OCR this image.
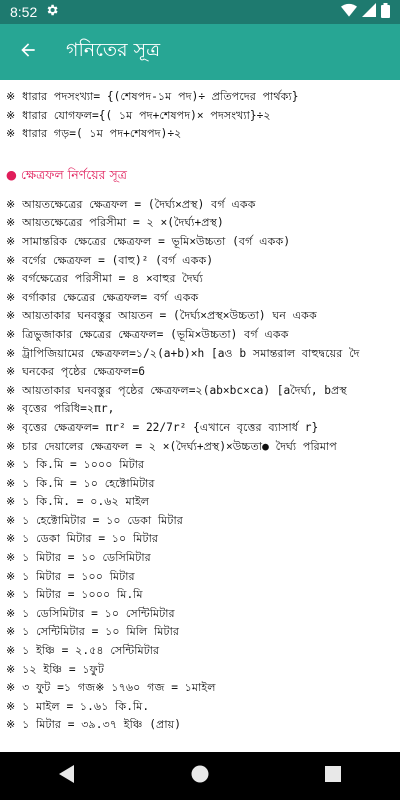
8:52
গনিতের সূত্র
※ ধারার পদসংখ্যা= {(শেষপদ-১ম পদ)÷ প্রতিপদের পার্থক্য}
※ ধারার যোগফল={( ১ম পদ+শেষপদ)× পদসংখ্যা}÷২
※ ধারার গড়=( ১ম পদ+শেষপদ)÷২
● ক্ষেত্রফল নির্ণয়ের সূত্র
※ আয়তক্ষেত্রের ক্ষেত্রফল = (দৈর্ঘ্য×প্রস্থ) বর্গ একক
※ আয়তক্ষেত্রের পরিসীমা = ২ ×(দৈর্ঘ্য+প্রস্থ)
※ সামান্তরিক ক্ষেত্রের ক্ষেত্রফল = ভূমি×উচ্চতা (বর্গ একক)
※ বর্গের ক্ষেত্রফল = (বাহু)² (বর্গ একক)
※ বর্গক্ষেত্রের পরিসীমা = ৪ ×বাহুর দৈর্ঘ্য
※ বর্গাকার ক্ষেত্রের ক্ষেত্রফল= বর্গ একক
※ আয়তাকার ঘনবস্তুর আয়তন = (দৈর্ঘ্য×প্রস্থ×উচ্চতা) ঘন একক
※ ত্রিভুজাকার ক্ষেত্রের ক্ষেত্রফল= (ভূমি×উচ্চতা) বর্গ একক
※ ট্রাপিজিয়ামের ক্ষেত্রফল=১/২(a+b)×h [aও b সমান্তরাল বাহুদ্বয়ের দৈ
※ ঘনকের পৃষ্ঠের ক্ষেত্রফল=6
※ আয়তাকার ঘনবস্তুর পৃষ্ঠের ক্ষেত্রফল=২(ab×bc×ca) [aদৈর্ঘ্য, bপ্রস্থ
※ বৃত্তের পরিধি=২πr,
※ বৃত্তের ক্ষেত্রফল= πr² = 22/7r² {এখানে বৃত্তের ব্যাসার্ধ r}
※ চার দেয়ালের ক্ষেত্রফল = ২ ×(দৈর্ঘ্য+প্রস্থ)×উচ্চতা● দৈর্ঘ্য পরিমাপ
※ ১ কি.মি = ১০০০ মিটার
※ ১ কি.মি = ১০ হেক্টোমিটার
※ ১ কি.মি. = ০.৬২ মাইল
※ ১ হেক্টোমিটার = ১০ ডেকা মিটার
※ ১ ডেকা মিটার = ১০ মিটার
※ ১ মিটার = ১০ ডেসিমিটার
※ ১ মিটার = ১০০ মিটার
※ ১ মিটার = ১০০০ মি.মি
※ ১ ডেসিমিটার = ১০ সেন্টিমিটার
※ ১ সেন্টিমিটার = ১০ মিলি মিটার
※ ১ ইঞ্চি = ২.৫৪ সেন্টিমিটার
※ ১২ ইঞ্চি = ১ফুট
※ ৩ ফুট =১ গজ※ ১৭৬০ গজ = ১মাইল
※ ১ মাইল = ১.৬১ কি.মি.
※ ১ মিটার = ৩৯.৩৭ ইঞ্চি (প্রায়)
